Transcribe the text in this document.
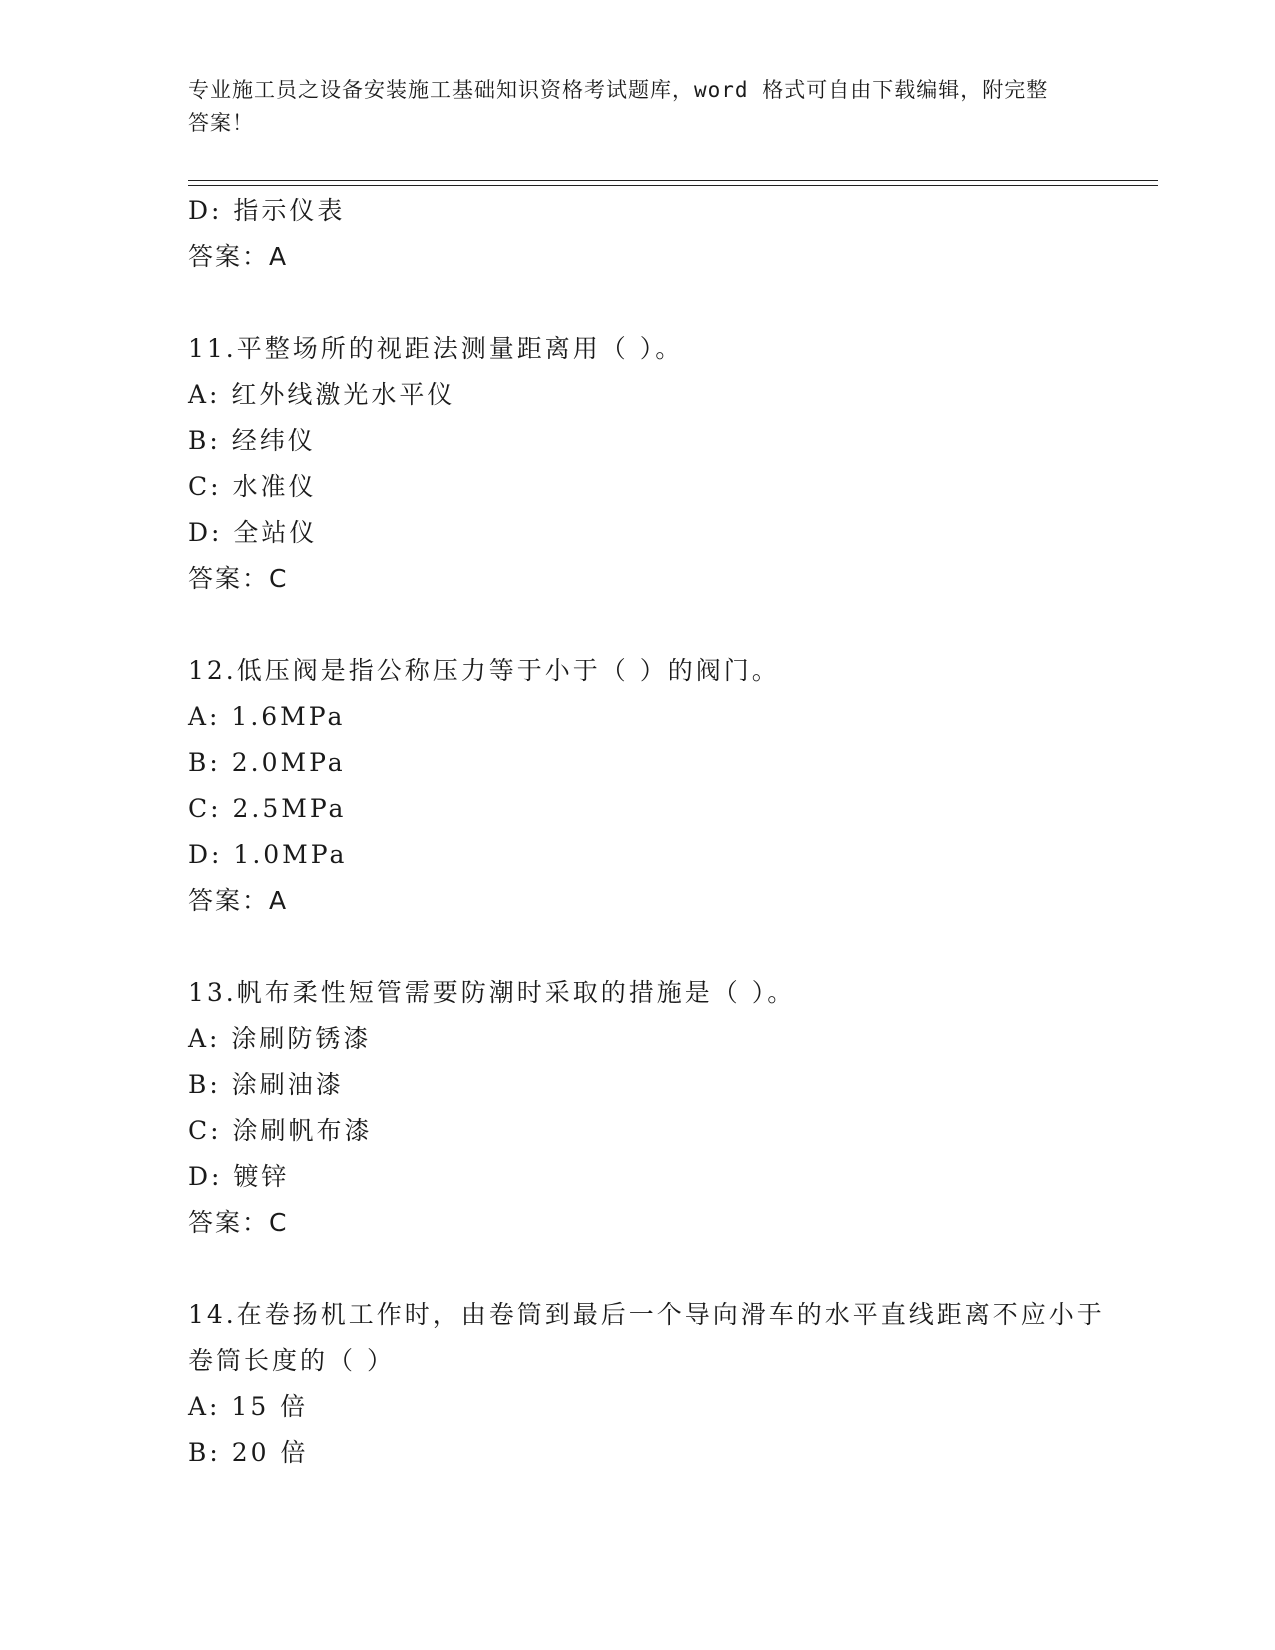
专业施工员之设备安装施工基础知识资格考试题库，word 格式可自由下载编辑，附完整答案！
D: 指示仪表
答案：A
11.平整场所的视距法测量距离用（ ）。
A: 红外线激光水平仪
B: 经纬仪
C: 水准仪
D: 全站仪
答案：C
12.低压阀是指公称压力等于小于（ ）的阀门。
A: 1.6MPa
B: 2.0MPa
C: 2.5MPa
D: 1.0MPa
答案：A
13.帆布柔性短管需要防潮时采取的措施是（ ）。
A: 涂刷防锈漆
B: 涂刷油漆
C: 涂刷帆布漆
D: 镀锌
答案：C
14.在卷扬机工作时，由卷筒到最后一个导向滑车的水平直线距离不应小于卷筒长度的（ ）
A: 15 倍
B: 20 倍
